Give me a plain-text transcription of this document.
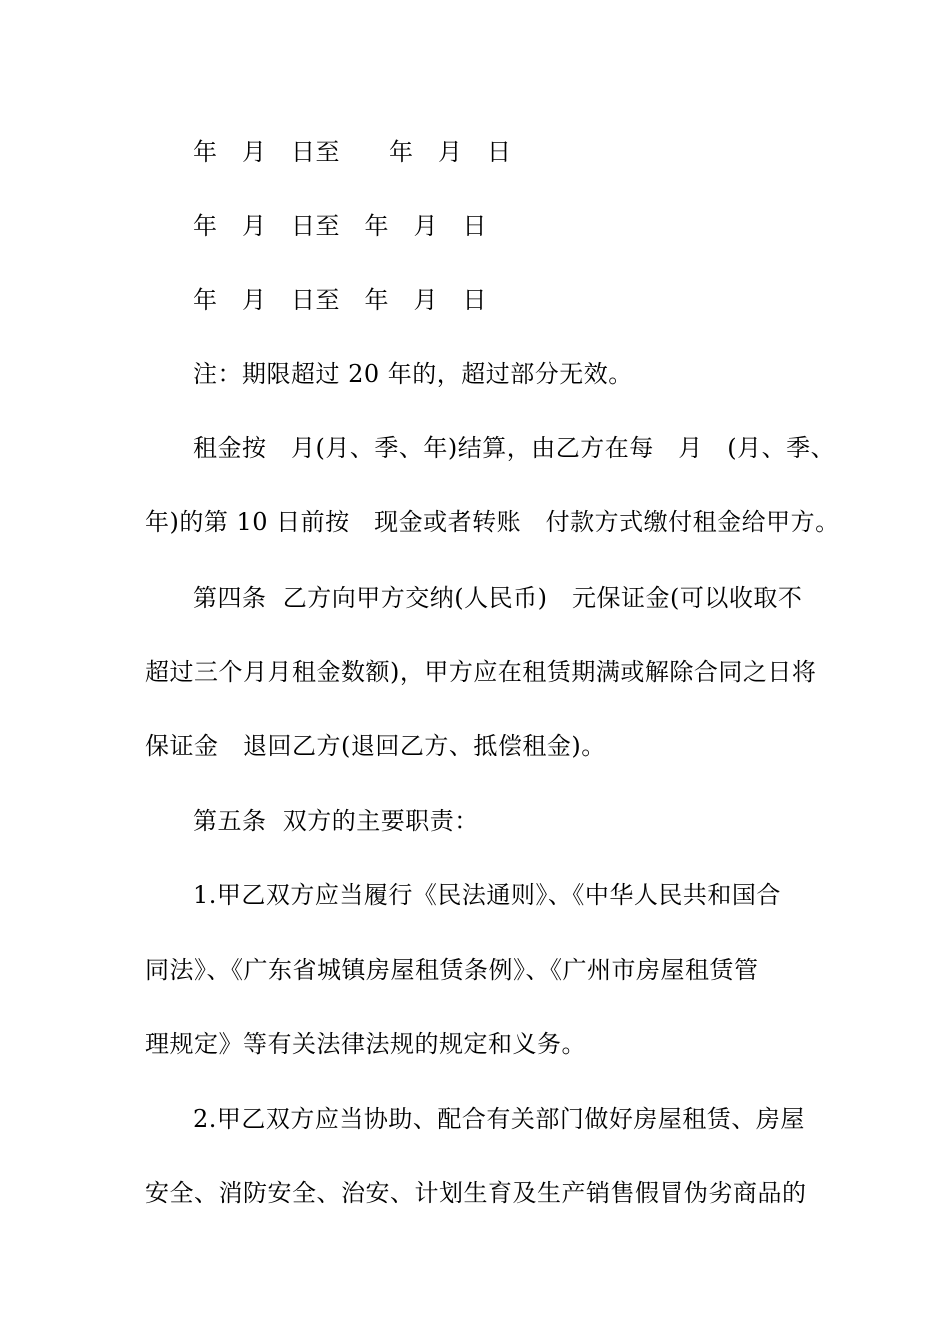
年　月　日至　　年　月　日
年　月　日至　年　月　日
年　月　日至　年　月　日
注：期限超过 20 年的，超过部分无效。
租金按　月(月、季、年)结算，由乙方在每　月　(月、季、
年)的第 10 日前按　现金或者转账　付款方式缴付租金给甲方。
第四条  乙方向甲方交纳(人民币)　元保证金(可以收取不
超过三个月月租金数额)，甲方应在租赁期满或解除合同之日将
保证金　退回乙方(退回乙方、抵偿租金)。
第五条  双方的主要职责：
1.甲乙双方应当履行《民法通则》、《中华人民共和国合
同法》、《广东省城镇房屋租赁条例》、《广州市房屋租赁管
理规定》等有关法律法规的规定和义务。
2.甲乙双方应当协助、配合有关部门做好房屋租赁、房屋
安全、消防安全、治安、计划生育及生产销售假冒伪劣商品的
